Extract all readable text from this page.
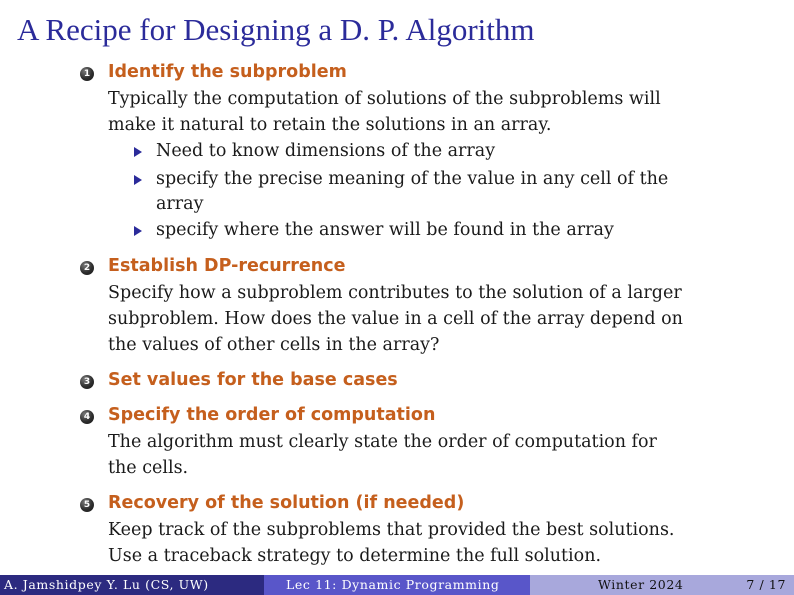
A Recipe for Designing a D. P. Algorithm
1 Identify the subproblem
Typically the computation of solutions of the subproblems will
make it natural to retain the solutions in an array.
Need to know dimensions of the array
specify the precise meaning of the value in any cell of the
array
specify where the answer will be found in the array
2 Establish DP-recurrence
Specify how a subproblem contributes to the solution of a larger
subproblem. How does the value in a cell of the array depend on
the values of other cells in the array?
3 Set values for the base cases
4 Specify the order of computation
The algorithm must clearly state the order of computation for
the cells.
5 Recovery of the solution (if needed)
Keep track of the subproblems that provided the best solutions.
Use a traceback strategy to determine the full solution.
A. Jamshidpey Y. Lu (CS, UW)	Lec 11: Dynamic Programming	Winter 2024	7 / 17
